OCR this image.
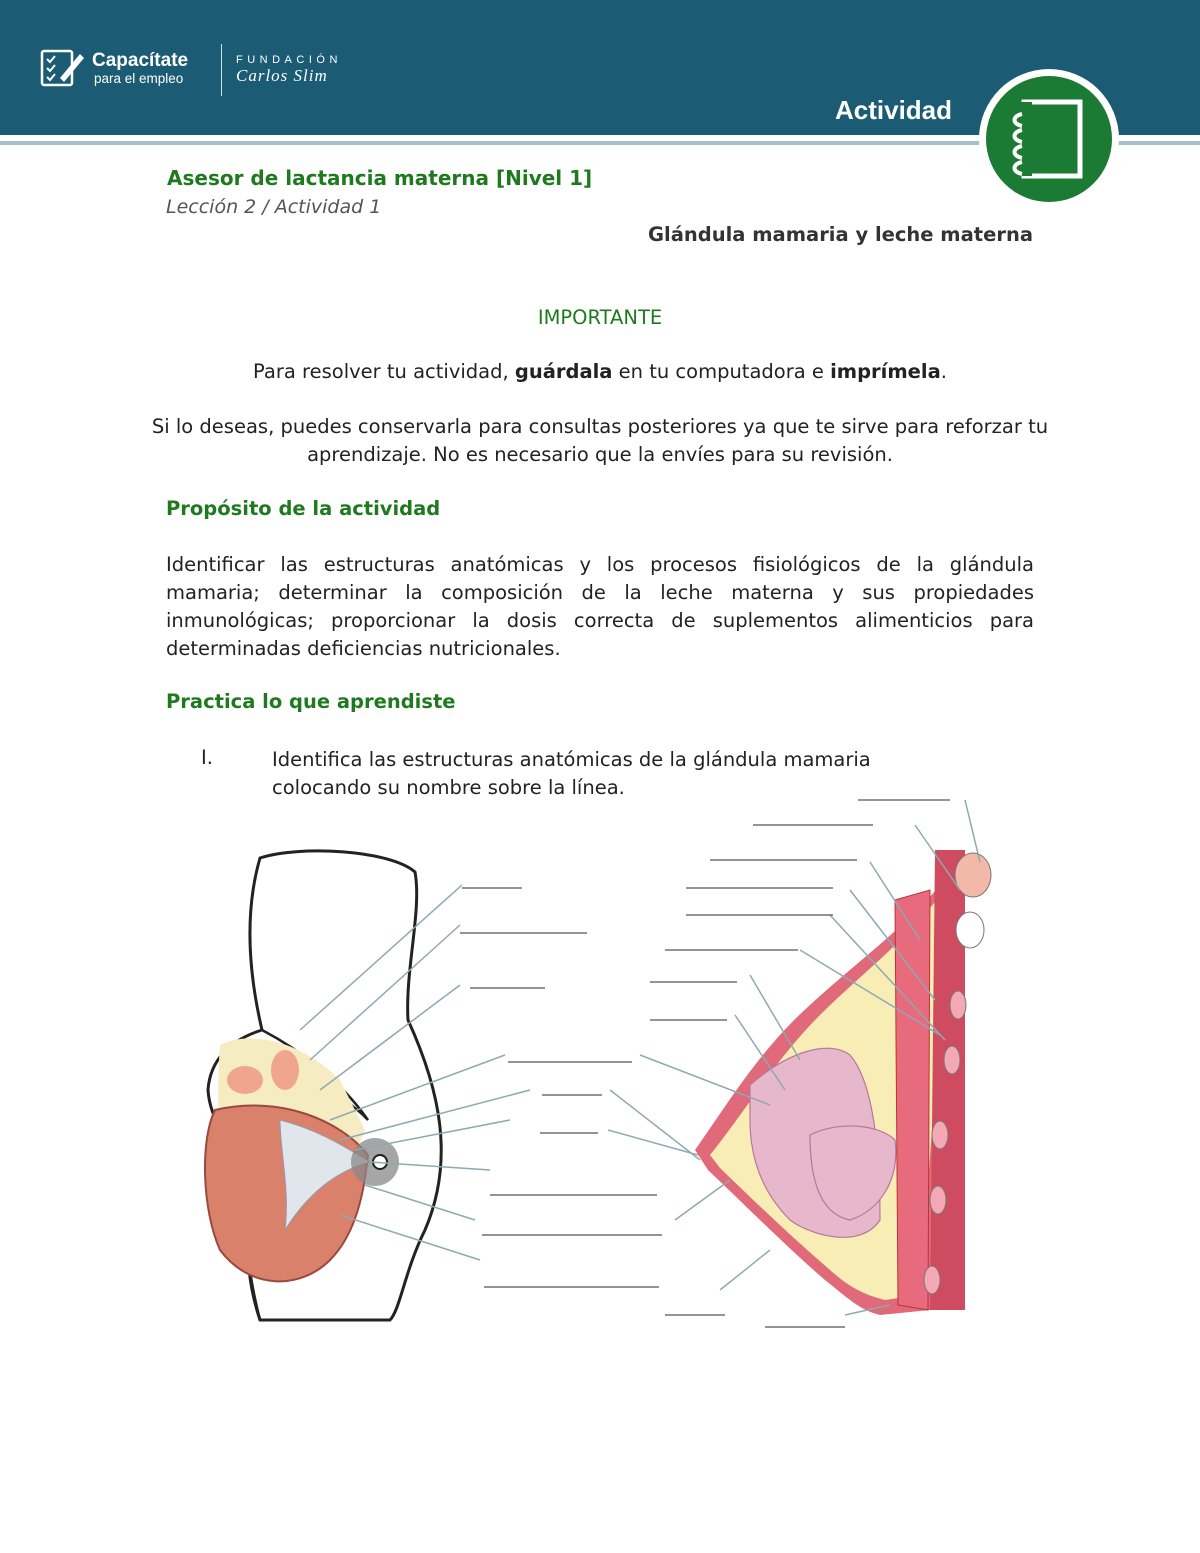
Capacítate
para el empleo
FUNDACIÓN
Carlos Slim
Actividad
Asesor de lactancia materna [Nivel 1]
Lección 2 / Actividad 1
Glándula mamaria y leche materna
IMPORTANTE
Para resolver tu actividad, guárdala en tu computadora e imprímela.
Si lo deseas, puedes conservarla para consultas posteriores ya que te sirve para reforzar tu aprendizaje. No es necesario que la envíes para su revisión.
Propósito de la actividad
Identificar las estructuras anatómicas y los procesos fisiológicos de la glándula mamaria; determinar la composición de la leche materna y sus propiedades inmunológicas; proporcionar la dosis correcta de suplementos alimenticios para determinadas deficiencias nutricionales.
Practica lo que aprendiste
I.	Identifica las estructuras anatómicas de la glándula mamaria colocando su nombre sobre la línea.
